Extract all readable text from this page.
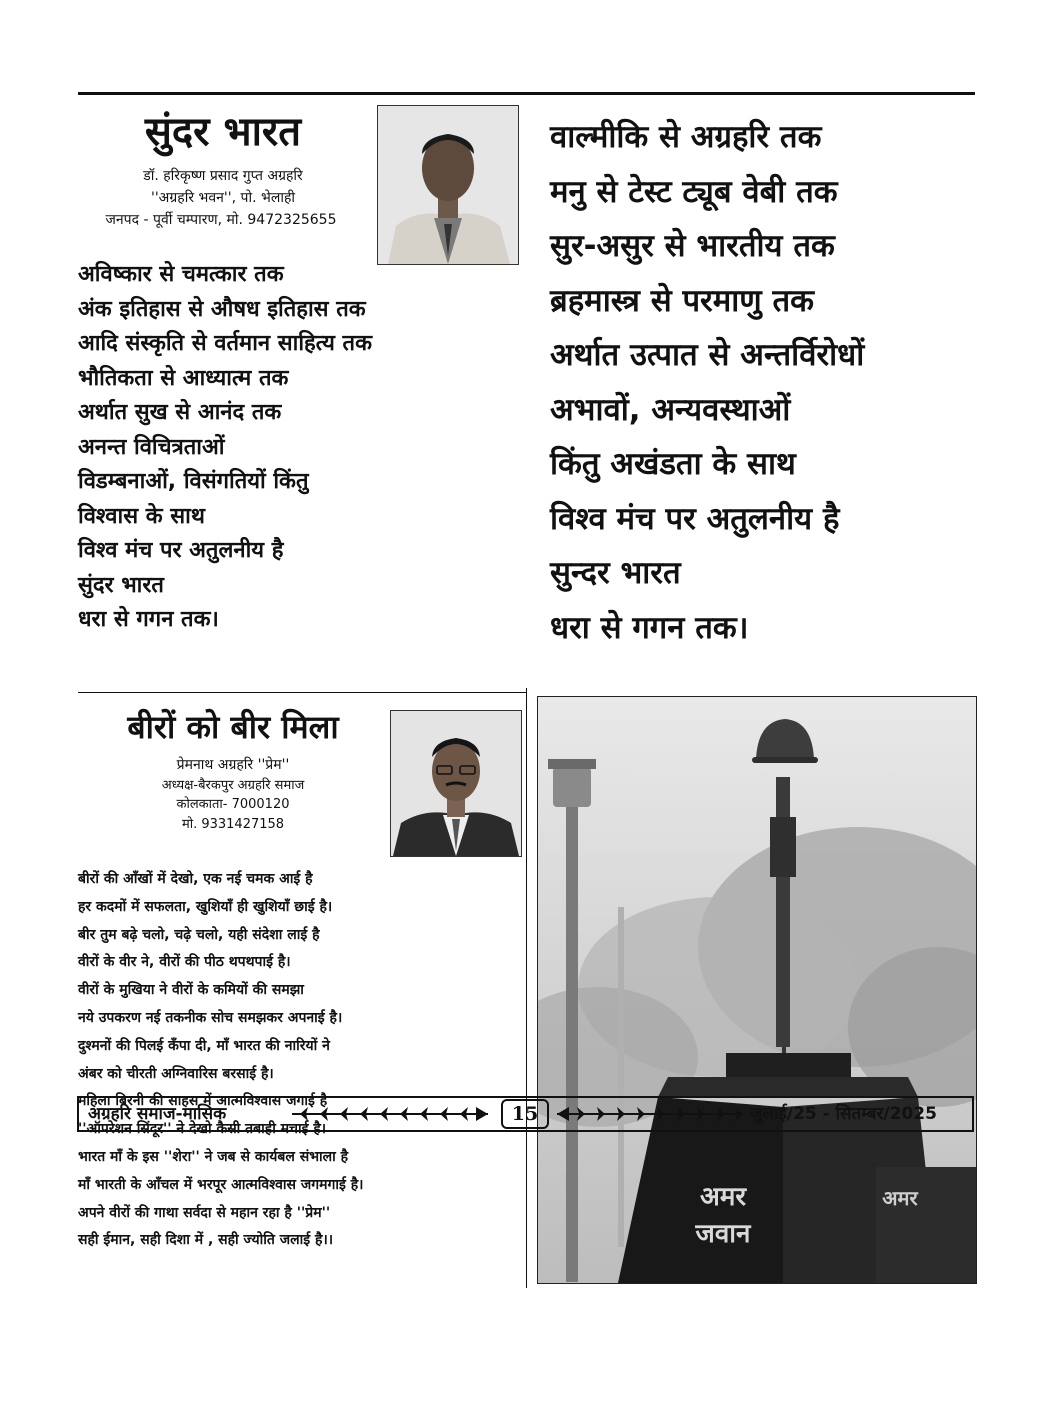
सुंदर भारत
डॉ. हरिकृष्ण प्रसाद गुप्त अग्रहरि
''अग्रहरि भवन'', पो. भेलाही
जनपद - पूर्वी चम्पारण, मो. 9472325655
अविष्कार से चमत्कार तक
अंक इतिहास से औषध इतिहास तक
आदि संस्कृति से वर्तमान साहित्य तक
भौतिकता से आध्यात्म तक
अर्थात सुख से आनंद तक
अनन्त विचित्रताओं
विडम्बनाओं, विसंगतियों किंतु
विश्वास के साथ
विश्व मंच पर अतुलनीय है
सुंदर भारत
धरा से गगन तक।
वाल्मीकि से अग्रहरि तक
मनु से टेस्ट ट्यूब वेबी तक
सुर-असुर से भारतीय तक
ब्रहमास्त्र से परमाणु तक
अर्थात उत्पात से अन्तर्विरोधों
अभावों, अन्यवस्थाओं
किंतु अखंडता के साथ
विश्व मंच पर अतुलनीय है
सुन्दर भारत
धरा से गगन तक।
बीरों को बीर मिला
प्रेमनाथ अग्रहरि ''प्रेम''
अध्यक्ष-बैरकपुर अग्रहरि समाज
कोलकाता- 7000120
मो. 9331427158
बीरों की आँखों में देखो, एक नई चमक आई है
हर कदमों में सफलता, खुशियाँ ही खुशियाँ छाई है।
बीर तुम बढ़े चलो, चढ़े चलो, यही संदेशा लाई है
वीरों के वीर ने, वीरों की पीठ थपथपाई है।
वीरों के मुखिया ने वीरों के कमियों की समझा
नये उपकरण नई तकनीक सोच समझकर अपनाई है।
दुश्मनों की पिलई कँपा दी, माँ भारत की नारियों ने
अंबर को चीरती अग्निवारिस बरसाई है।
महिला बिरनी की साहस में आत्मविश्वास जगाई है
''ऑपरेशन सिंदूर'' ने देखो कैसी तबाही मचाई है।
भारत माँ के इस ''शेरा'' ने जब से कार्यबल संभाला है
माँ भारती के आँचल में भरपूर आत्मविश्वास जगमगाई है।
अपने वीरों की गाथा सर्वदा से महान रहा है ''प्रेम''
सही ईमान, सही दिशा में , सही ज्योति जलाई है।।
अमर
जवान
अमर
अग्रहरि समाज-मासिक	15	जुलाई/25 - सितम्बर/2025
